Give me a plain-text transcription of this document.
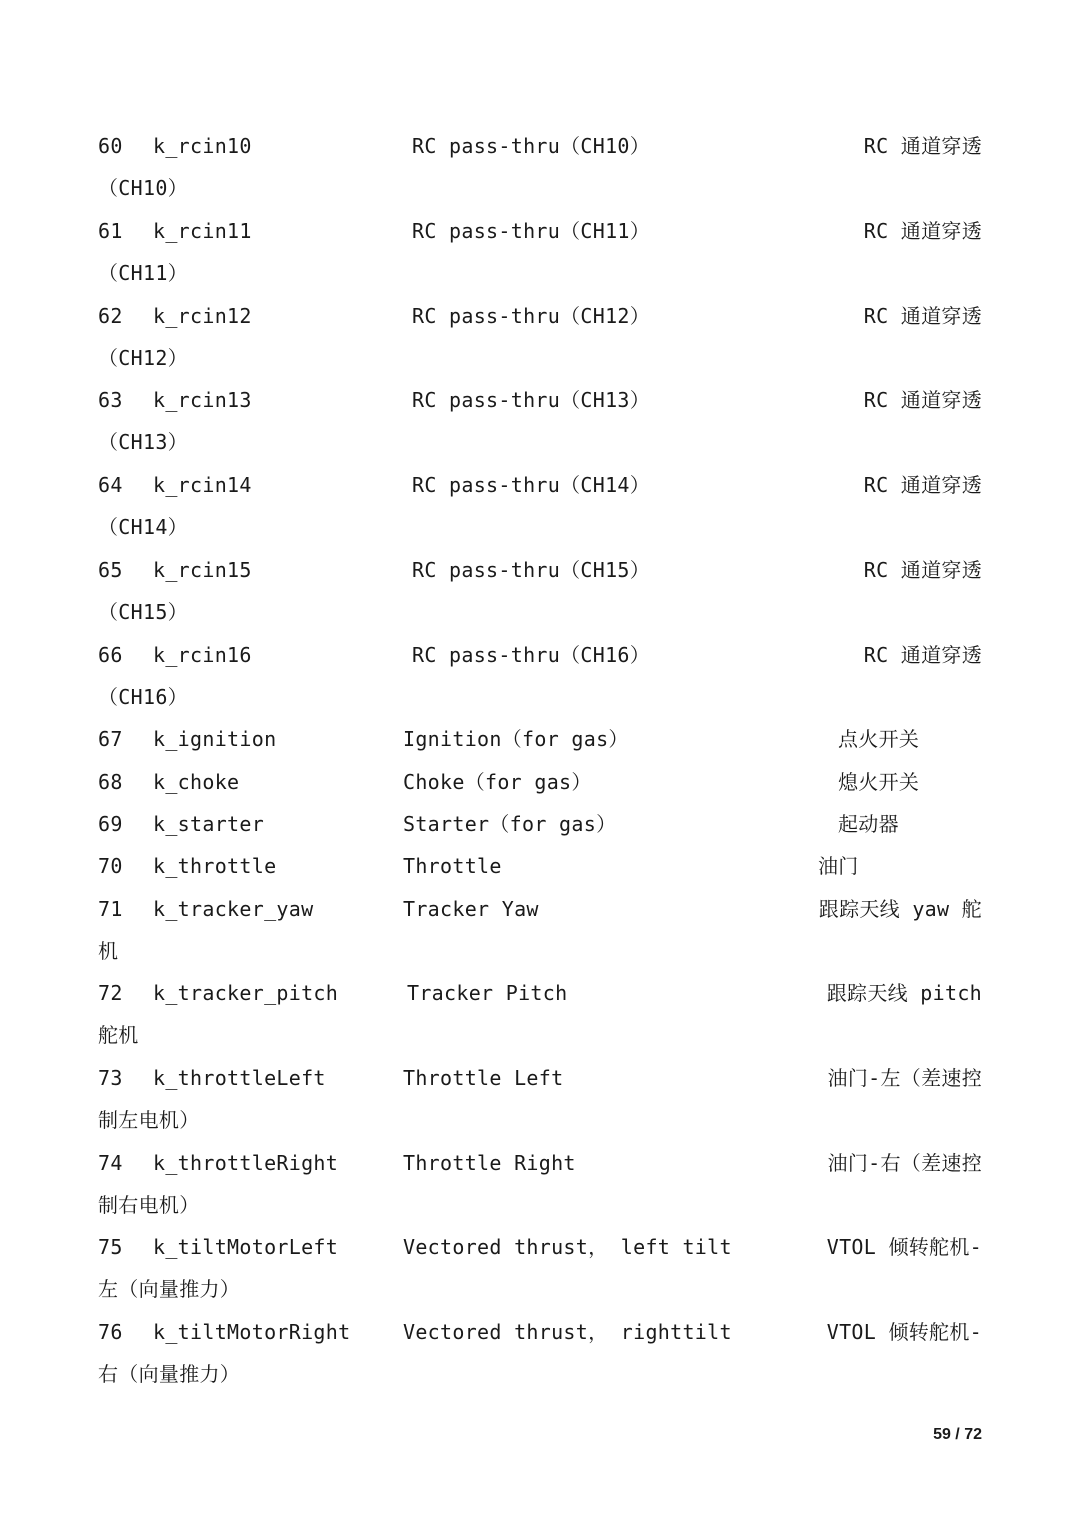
60 k_rcin10	RC pass-thru（CH10）	RC 通道穿透
（CH10）
61 k_rcin11	RC pass-thru（CH11）	RC 通道穿透
（CH11）
62 k_rcin12	RC pass-thru（CH12）	RC 通道穿透
（CH12）
63 k_rcin13	RC pass-thru（CH13）	RC 通道穿透
（CH13）
64 k_rcin14	RC pass-thru（CH14）	RC 通道穿透
（CH14）
65 k_rcin15	RC pass-thru（CH15）	RC 通道穿透
（CH15）
66 k_rcin16	RC pass-thru（CH16）	RC 通道穿透
（CH16）
67 k_ignition	Ignition（for gas）	点火开关
68 k_choke	Choke（for gas）	熄火开关
69 k_starter	Starter（for gas）	起动器
70 k_throttle	Throttle	油门
71 k_tracker_yaw	Tracker Yaw	跟踪天线 yaw 舵
机
72 k_tracker_pitch	Tracker Pitch	跟踪天线 pitch
舵机
73 k_throttleLeft	Throttle Left	油门-左（差速控
制左电机）
74 k_throttleRight	Throttle Right	油门-右（差速控
制右电机）
75 k_tiltMotorLeft	Vectored thrust， left tilt	VTOL 倾转舵机-
左（向量推力）
76 k_tiltMotorRight	Vectored thrust， righttilt	VTOL 倾转舵机-
右（向量推力）
59 / 72
